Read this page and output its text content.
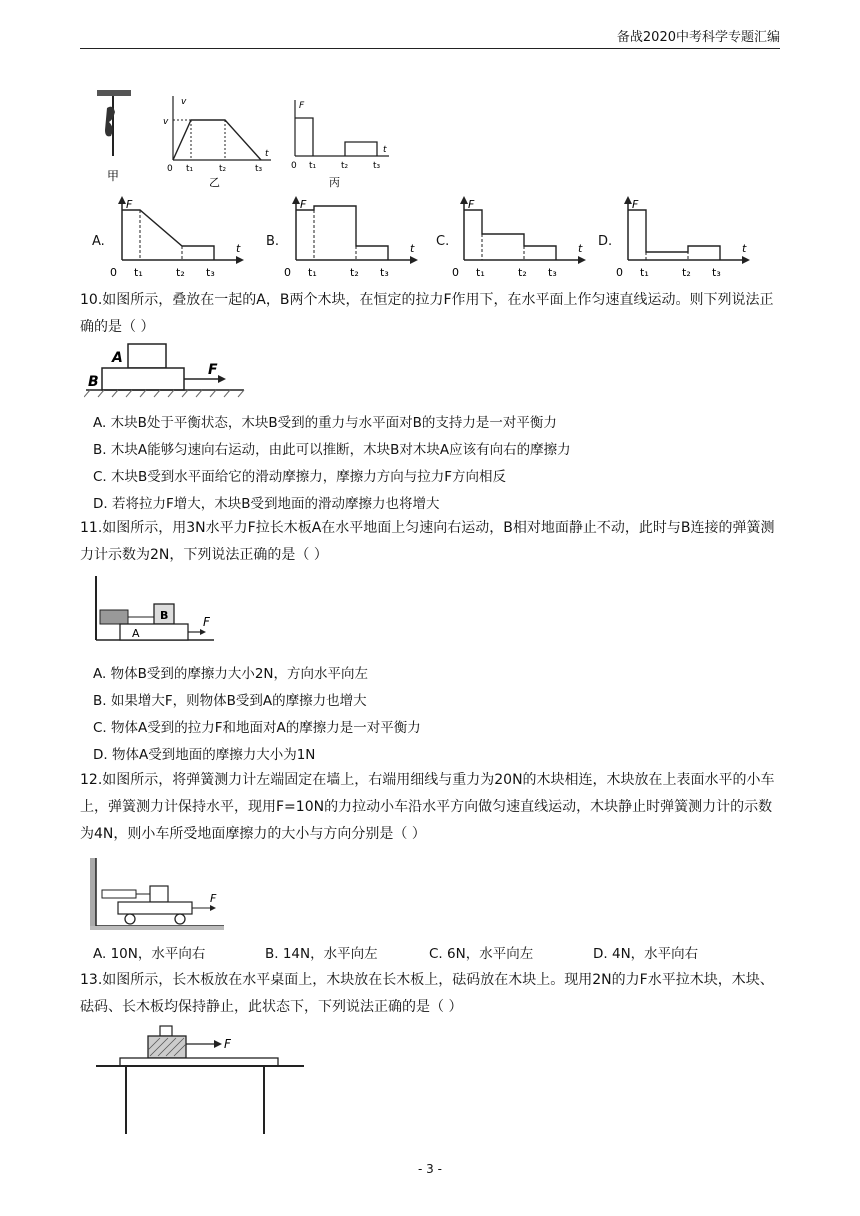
备战2020中考科学专题汇编
甲
v
v
t
0 t₁	t₂	t₃
乙
F
t
0 t₁	t₂	t₃
丙
A.
F
t
0 t₁	t₂ t₃
B.
F
t
0 t₁	t₂ t₃
C.
F
t
0 t₁	t₂ t₃
D.
F
t
0 t₁	t₂ t₃
10.如图所示，叠放在一起的A，B两个木块，在恒定的拉力F作用下，在水平面上作匀速直线运动。则下列说法正确的是（ ）
A
B
F
A. 木块B处于平衡状态，木块B受到的重力与水平面对B的支持力是一对平衡力
B. 木块A能够匀速向右运动，由此可以推断，木块B对木块A应该有向右的摩擦力
C. 木块B受到水平面给它的滑动摩擦力，摩擦力方向与拉力F方向相反
D. 若将拉力F增大，木块B受到地面的滑动摩擦力也将增大
11.如图所示，用3N水平力F拉长木板A在水平地面上匀速向右运动，B相对地面静止不动，此时与B连接的弹簧测力计示数为2N，下列说法正确的是（ ）
B
A
F
A. 物体B受到的摩擦力大小2N，方向水平向左
B. 如果增大F，则物体B受到A的摩擦力也增大
C. 物体A受到的拉力F和地面对A的摩擦力是一对平衡力
D. 物体A受到地面的摩擦力大小为1N
12.如图所示，将弹簧测力计左端固定在墙上，右端用细线与重力为20N的木块相连，木块放在上表面水平的小车上，弹簧测力计保持水平，现用F=10N的力拉动小车沿水平方向做匀速直线运动，木块静止时弹簧测力计的示数为4N，则小车所受地面摩擦力的大小与方向分别是（ ）
F
A. 10N，水平向右	B. 14N，水平向左	C. 6N，水平向左	D. 4N，水平向右
13.如图所示，长木板放在水平桌面上，木块放在长木板上，砝码放在木块上。现用2N的力F水平拉木块，木块、砝码、长木板均保持静止，此状态下，下列说法正确的是（ ）
F
- 3 -
